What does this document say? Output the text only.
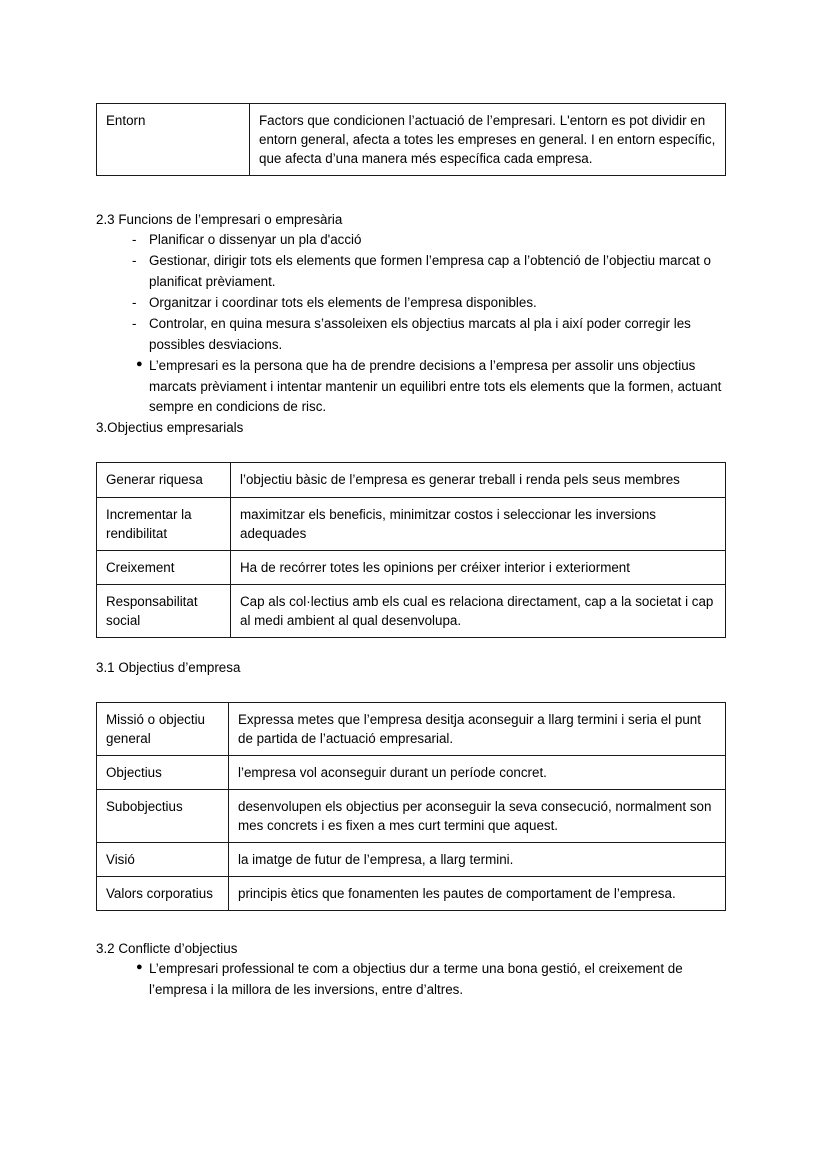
Entorn	Factors que condicionen l’actuació de l’empresari. L'entorn es pot dividir en entorn general, afecta a totes les empreses en general. I en entorn específic, que afecta d’una manera més específica cada empresa.

2.3 Funcions de l’empresari o empresària

- Planificar o dissenyar un pla d'acció
- Gestionar, dirigir tots els elements que formen l’empresa cap a l’obtenció de l’objectiu marcat o planificat prèviament.
- Organitzar i coordinar tots els elements de l’empresa disponibles.
- Controlar, en quina mesura s’assoleixen els objectius marcats al pla i així poder corregir les possibles desviacions.
● L’empresari es la persona que ha de prendre decisions a l’empresa per assolir uns objectius marcats prèviament i intentar mantenir un equilibri entre tots els elements que la formen, actuant sempre en condicions de risc.

3.Objectius empresarials

Generar riquesa	l’objectiu bàsic de l’empresa es generar treball i renda pels seus membres
Incrementar la rendibilitat	maximitzar els beneficis, minimitzar costos i seleccionar les inversions adequades
Creixement	Ha de recórrer totes les opinions per créixer interior i exteriorment
Responsabilitat social	Cap als col·lectius amb els cual es relaciona directament, cap a la societat i cap al medi ambient al qual desenvolupa.

3.1 Objectius d’empresa

Missió o objectiu general	Expressa metes que l’empresa desitja aconseguir a llarg termini i seria el punt de partida de l’actuació empresarial.
Objectius	l’empresa vol aconseguir durant un període concret.
Subobjectius	desenvolupen els objectius per aconseguir la seva consecució, normalment son mes concrets i es fixen a mes curt termini que aquest.
Visió	la imatge de futur de l’empresa, a llarg termini.
Valors corporatius	principis ètics que fonamenten les pautes de comportament de l’empresa.

3.2 Conflicte d’objectius

● L’empresari professional te com a objectius dur a terme una bona gestió, el creixement de l’empresa i la millora de les inversions, entre d’altres.
